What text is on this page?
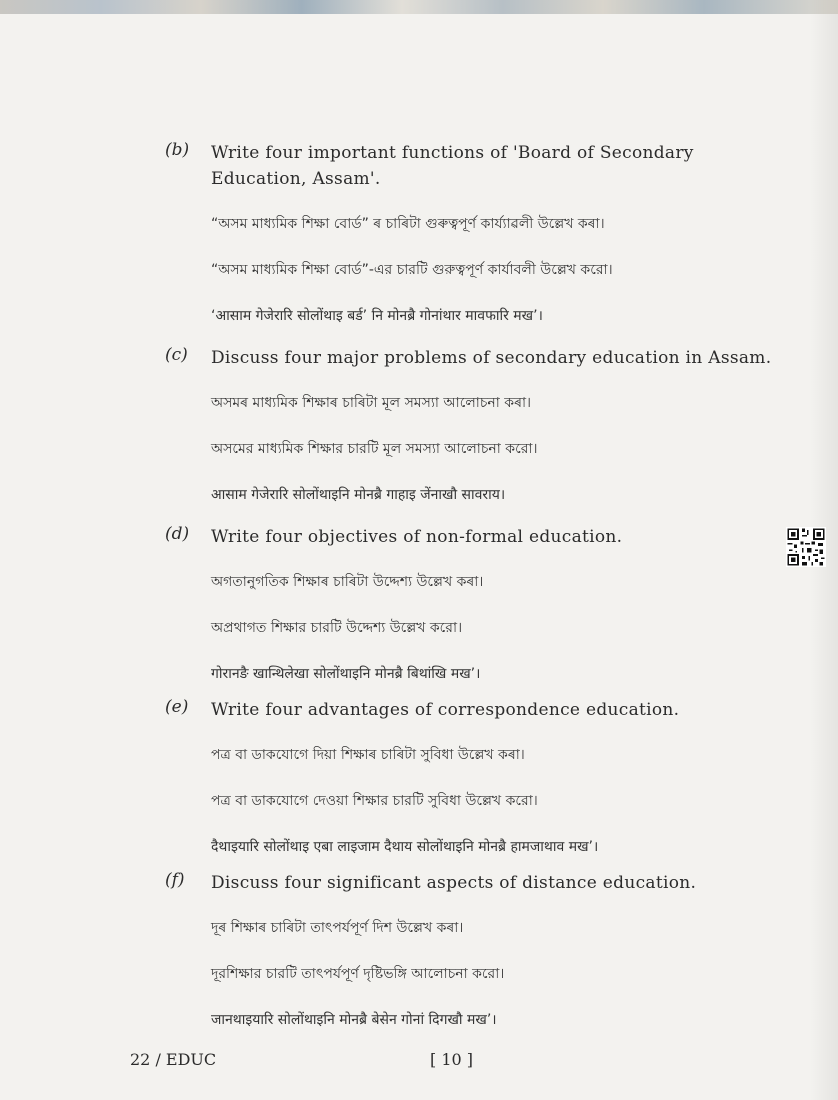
(b) Write four important functions of 'Board of Secondary Education, Assam'.
“অসম মাধ্যমিক শিক্ষা বোৰ্ড” ৰ চাৰিটা গুৰুত্বপূৰ্ণ কাৰ্য্যাৱলী উল্লেখ কৰা।
“অসম মাধ্যমিক শিক্ষা বোর্ড”-এর চারটি গুরুত্বপূর্ণ কার্যাবলী উল্লেখ করো।
‘आसाम गेजेरारि सोलोंथाइ बर्ड’ नि मोनब्रै गोनांथार मावफारि मख’।
(c) Discuss four major problems of secondary education in Assam.
অসমৰ মাধ্যমিক শিক্ষাৰ চাৰিটা মূল সমস্যা আলোচনা কৰা।
অসমের মাধ্যমিক শিক্ষার চারটি মূল সমস্যা আলোচনা করো।
आसाम गेजेरारि सोलोंथाइनि मोनब्रै गाहाइ जेंनाखौ सावराय।
(d) Write four objectives of non-formal education.
অগতানুগতিক শিক্ষাৰ চাৰিটা উদ্দেশ্য উল্লেখ কৰা।
অপ্রথাগত শিক্ষার চারটি উদ্দেশ্য উল্লেখ করো।
गोरानङै खान्थिलेखा सोलोंथाइनि मोनब्रै बिथांखि मख’।
(e) Write four advantages of correspondence education.
পত্ৰ বা ডাকযোগে দিয়া শিক্ষাৰ চাৰিটা সুবিধা উল্লেখ কৰা।
পত্র বা ডাকযোগে দেওয়া শিক্ষার চারটি সুবিধা উল্লেখ করো।
दैथाइयारि सोलोंथाइ एबा लाइजाम दैथाय सोलोंथाइनि मोनब्रै हामजाथाव मख’।
(f) Discuss four significant aspects of distance education.
দূৰ শিক্ষাৰ চাৰিটা তাৎপৰ্যপূৰ্ণ দিশ উল্লেখ কৰা।
দূরশিক্ষার চারটি তাৎপর্যপূর্ণ দৃষ্টিভঙ্গি আলোচনা করো।
जानथाइयारि सोलोंथाइनि मोनब्रै बेसेन गोनां दिगखौ मख’।
22 / EDUC	[ 10 ]
